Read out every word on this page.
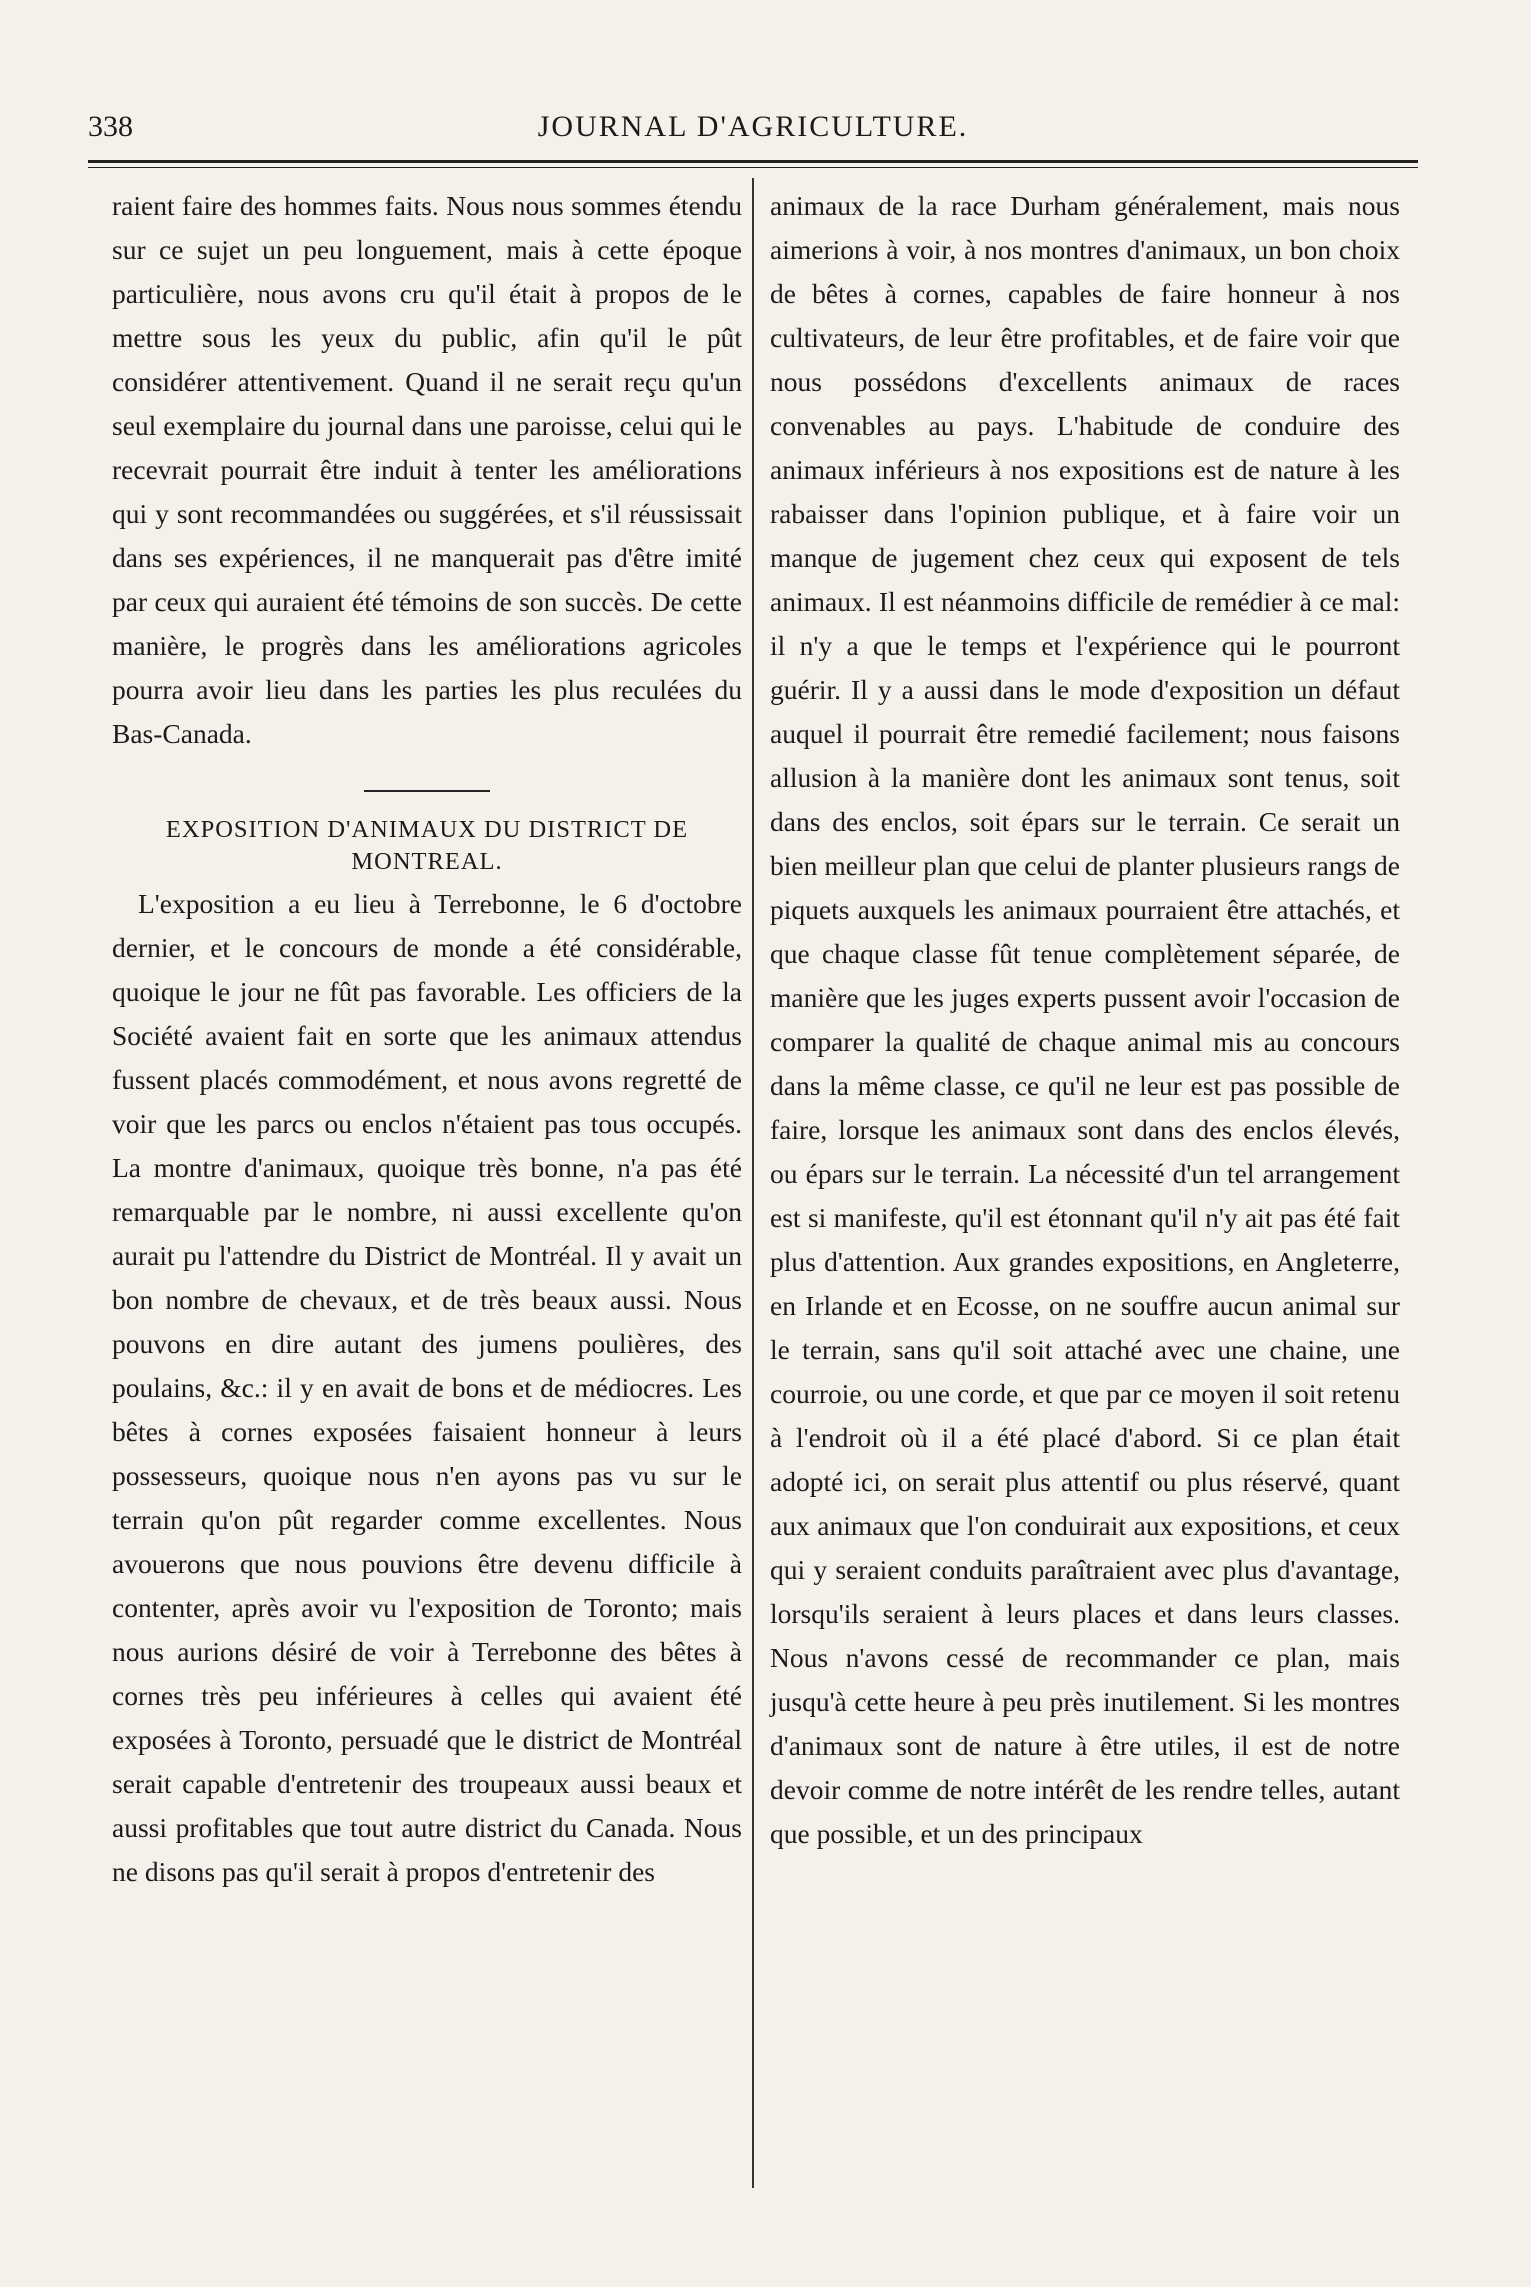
338	JOURNAL D'AGRICULTURE.

raient faire des hommes faits. Nous nous sommes étendu sur ce sujet un peu longuement, mais à cette époque particulière, nous avons cru qu'il était à propos de le mettre sous les yeux du public, afin qu'il le pût considérer attentivement. Quand il ne serait reçu qu'un seul exemplaire du journal dans une paroisse, celui qui le recevrait pourrait être induit à tenter les améliorations qui y sont recommandées ou suggérées, et s'il réussissait dans ses expériences, il ne manquerait pas d'être imité par ceux qui auraient été témoins de son succès. De cette manière, le progrès dans les améliorations agricoles pourra avoir lieu dans les parties les plus reculées du Bas-Canada.

EXPOSITION D'ANIMAUX DU DISTRICT DE MONTREAL.

L'exposition a eu lieu à Terrebonne, le 6 d'octobre dernier, et le concours de monde a été considérable, quoique le jour ne fût pas favorable. Les officiers de la Société avaient fait en sorte que les animaux attendus fussent placés commodément, et nous avons regretté de voir que les parcs ou enclos n'étaient pas tous occupés. La montre d'animaux, quoique très bonne, n'a pas été remarquable par le nombre, ni aussi excellente qu'on aurait pu l'attendre du District de Montréal. Il y avait un bon nombre de chevaux, et de très beaux aussi. Nous pouvons en dire autant des jumens poulières, des poulains, &c.: il y en avait de bons et de médiocres. Les bêtes à cornes exposées faisaient honneur à leurs possesseurs, quoique nous n'en ayons pas vu sur le terrain qu'on pût regarder comme excellentes. Nous avouerons que nous pouvions être devenu difficile à contenter, après avoir vu l'exposition de Toronto; mais nous aurions désiré de voir à Terrebonne des bêtes à cornes très peu inférieures à celles qui avaient été exposées à Toronto, persuadé que le district de Montréal serait capable d'entretenir des troupeaux aussi beaux et aussi profitables que tout autre district du Canada. Nous ne disons pas qu'il serait à propos d'entretenir des

animaux de la race Durham généralement, mais nous aimerions à voir, à nos montres d'animaux, un bon choix de bêtes à cornes, capables de faire honneur à nos cultivateurs, de leur être profitables, et de faire voir que nous possédons d'excellents animaux de races convenables au pays. L'habitude de conduire des animaux inférieurs à nos expositions est de nature à les rabaisser dans l'opinion publique, et à faire voir un manque de jugement chez ceux qui exposent de tels animaux. Il est néanmoins difficile de remédier à ce mal: il n'y a que le temps et l'expérience qui le pourront guérir. Il y a aussi dans le mode d'exposition un défaut auquel il pourrait être remedié facilement; nous faisons allusion à la manière dont les animaux sont tenus, soit dans des enclos, soit épars sur le terrain. Ce serait un bien meilleur plan que celui de planter plusieurs rangs de piquets auxquels les animaux pourraient être attachés, et que chaque classe fût tenue complètement séparée, de manière que les juges experts pussent avoir l'occasion de comparer la qualité de chaque animal mis au concours dans la même classe, ce qu'il ne leur est pas possible de faire, lorsque les animaux sont dans des enclos élevés, ou épars sur le terrain. La nécessité d'un tel arrangement est si manifeste, qu'il est étonnant qu'il n'y ait pas été fait plus d'attention. Aux grandes expositions, en Angleterre, en Irlande et en Ecosse, on ne souffre aucun animal sur le terrain, sans qu'il soit attaché avec une chaine, une courroie, ou une corde, et que par ce moyen il soit retenu à l'endroit où il a été placé d'abord. Si ce plan était adopté ici, on serait plus attentif ou plus réservé, quant aux animaux que l'on conduirait aux expositions, et ceux qui y seraient conduits paraîtraient avec plus d'avantage, lorsqu'ils seraient à leurs places et dans leurs classes. Nous n'avons cessé de recommander ce plan, mais jusqu'à cette heure à peu près inutilement. Si les montres d'animaux sont de nature à être utiles, il est de notre devoir comme de notre intérêt de les rendre telles, autant que possible, et un des principaux
